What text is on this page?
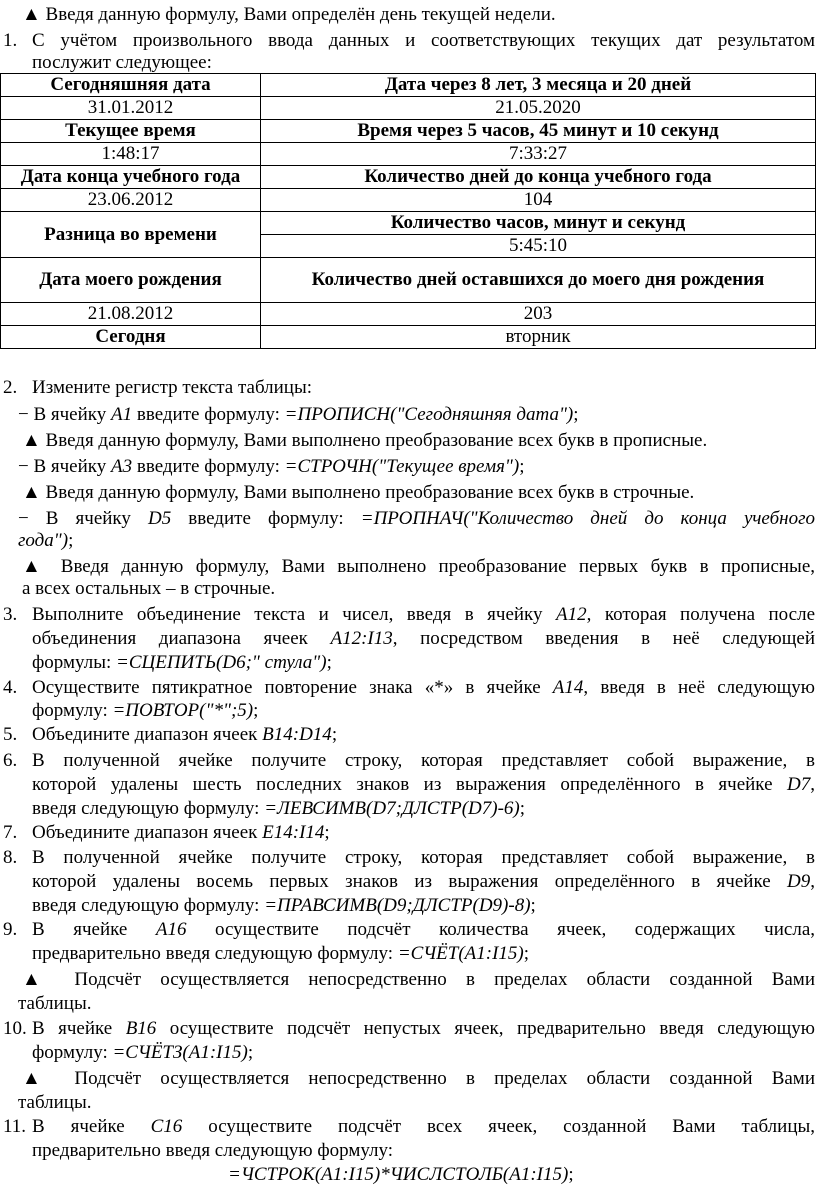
▲ Введя данную формулу, Вами определён день текущей недели.
1. С учётом произвольного ввода данных и соответствующих текущих дат результатом
послужит следующее:
Сегодняшняя дата	Дата через 8 лет, 3 месяца и 20 дней
31.01.2012	21.05.2020
Текущее время	Время через 5 часов, 45 минут и 10 секунд
1:48:17	7:33:27
Дата конца учебного года	Количество дней до конца учебного года
23.06.2012	104
Разница во времени	Количество часов, минут и секунд
	5:45:10
Дата моего рождения	Количество дней оставшихся до моего дня рождения
21.08.2012	203
Сегодня	вторник
2. Измените регистр текста таблицы:
− В ячейку A1 введите формулу: =ПРОПИСН("Сегодняшняя дата");
▲ Введя данную формулу, Вами выполнено преобразование всех букв в прописные.
− В ячейку A3 введите формулу: =СТРОЧН("Текущее время");
▲ Введя данную формулу, Вами выполнено преобразование всех букв в строчные.
− В ячейку D5 введите формулу: =ПРОПНАЧ("Количество дней до конца учебного
года");
▲ Введя данную формулу, Вами выполнено преобразование первых букв в прописные,
а всех остальных – в строчные.
3. Выполните объединение текста и чисел, введя в ячейку A12, которая получена после
объединения диапазона ячеек A12:I13, посредством введения в неё следующей
формулы: =СЦЕПИТЬ(D6;" стула");
4. Осуществите пятикратное повторение знака «*» в ячейке A14, введя в неё следующую
формулу: =ПОВТОР("*";5);
5. Объедините диапазон ячеек B14:D14;
6. В полученной ячейке получите строку, которая представляет собой выражение, в
которой удалены шесть последних знаков из выражения определённого в ячейке D7,
введя следующую формулу: =ЛЕВСИМВ(D7;ДЛСТР(D7)-6);
7. Объедините диапазон ячеек E14:I14;
8. В полученной ячейке получите строку, которая представляет собой выражение, в
которой удалены восемь первых знаков из выражения определённого в ячейке D9,
введя следующую формулу: =ПРАВСИМВ(D9;ДЛСТР(D9)-8);
9. В ячейке A16 осуществите подсчёт количества ячеек, содержащих числа,
предварительно введя следующую формулу: =СЧЁТ(A1:I15);
▲ Подсчёт осуществляется непосредственно в пределах области созданной Вами
таблицы.
10. В ячейке B16 осуществите подсчёт непустых ячеек, предварительно введя следующую
формулу: =СЧЁТЗ(A1:I15);
▲ Подсчёт осуществляется непосредственно в пределах области созданной Вами
таблицы.
11. В ячейке C16 осуществите подсчёт всех ячеек, созданной Вами таблицы,
предварительно введя следующую формулу:
=ЧСТРОК(A1:I15)*ЧИСЛСТОЛБ(A1:I15);
